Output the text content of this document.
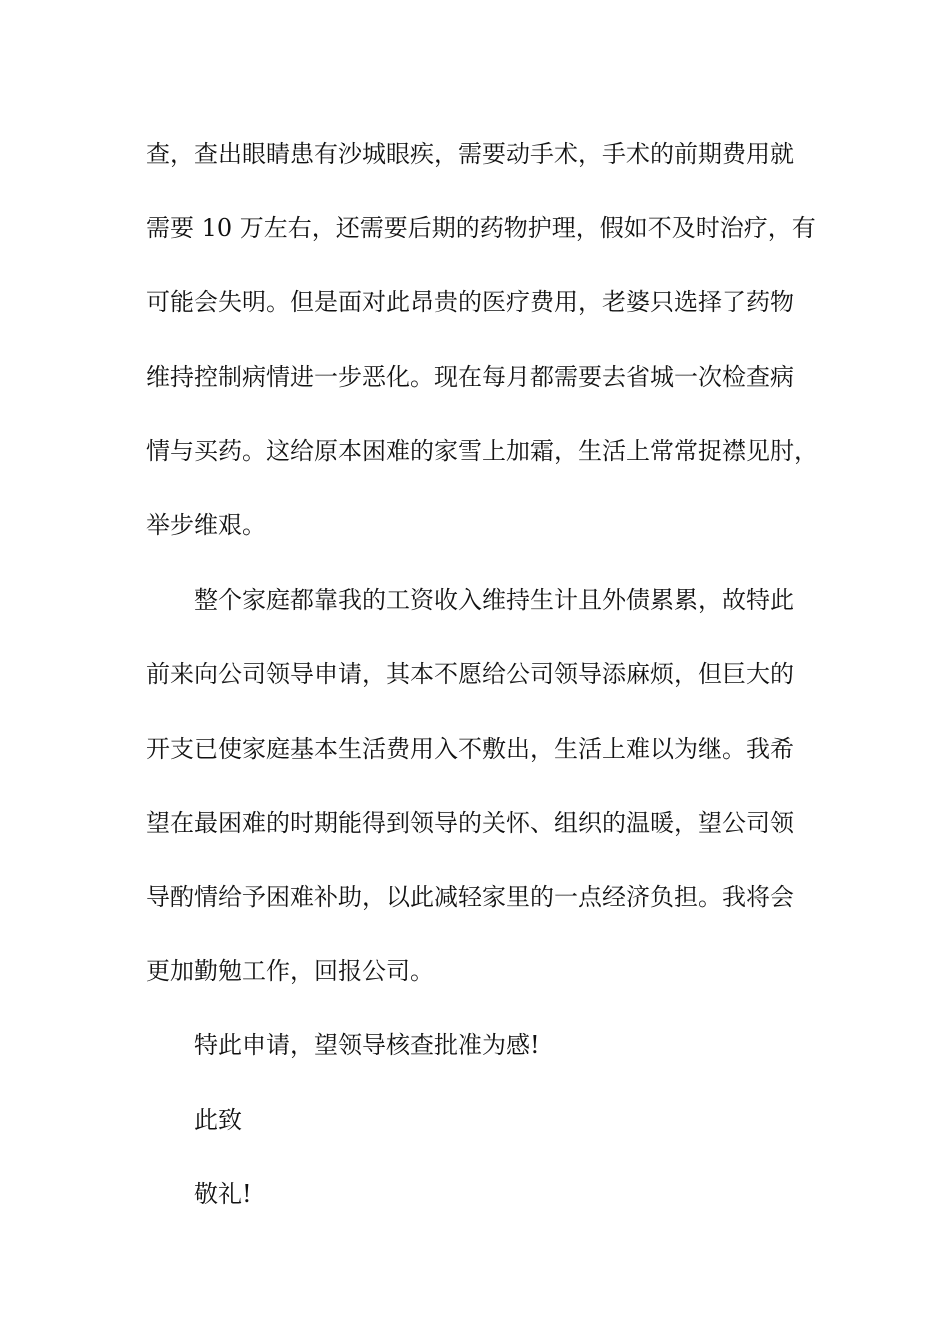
查，查出眼睛患有沙城眼疾，需要动手术，手术的前期费用就

需要 10 万左右，还需要后期的药物护理，假如不及时治疗，有

可能会失明。但是面对此昂贵的医疗费用，老婆只选择了药物

维持控制病情进一步恶化。现在每月都需要去省城一次检查病

情与买药。这给原本困难的家雪上加霜，生活上常常捉襟见肘，

举步维艰。

整个家庭都靠我的工资收入维持生计且外债累累，故特此

前来向公司领导申请，其本不愿给公司领导添麻烦，但巨大的

开支已使家庭基本生活费用入不敷出，生活上难以为继。我希

望在最困难的时期能得到领导的关怀、组织的温暖，望公司领

导酌情给予困难补助，以此减轻家里的一点经济负担。我将会

更加勤勉工作，回报公司。

特此申请，望领导核查批准为感!

此致

敬礼!
